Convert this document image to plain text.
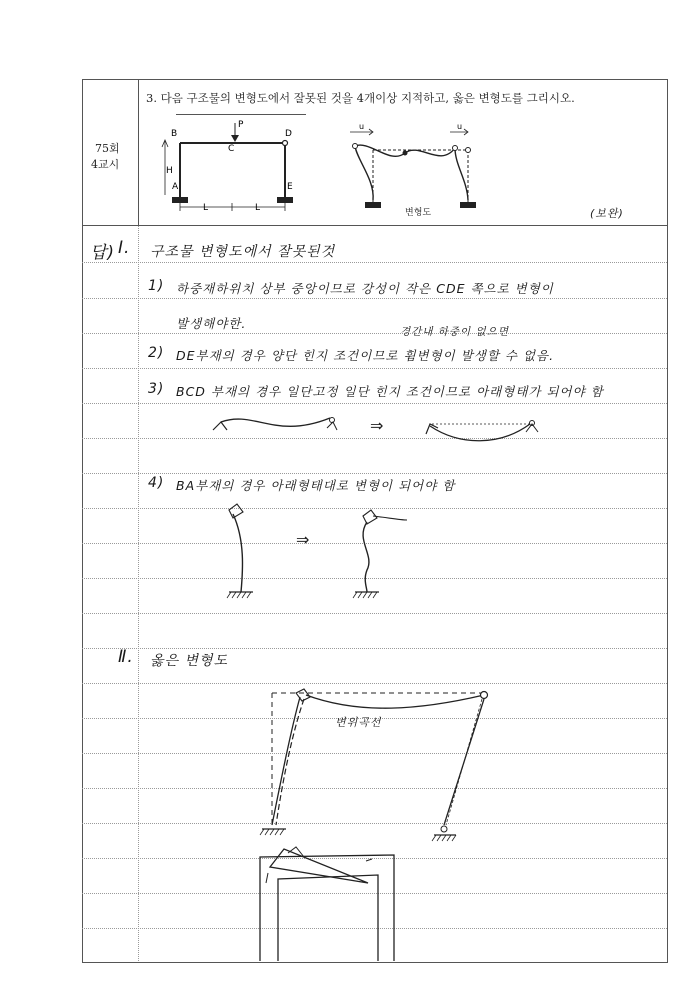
75회
4교시
3. 다음 구조물의 변형도에서 잘못된 것을 4개이상 지적하고, 옳은 변형도를 그리시오.
B
C
D
A	E
P
H
L	L
u	u
변형도	(보완)
답) Ⅰ. 구조물 변형도에서 잘못된것
1) 하중재하위치 상부 중앙이므로 강성이 작은 CDE 쪽으로 변형이
발생해야한.
경간내 하중이 없으면
2) DE부재의 경우 양단 힌지 조건이므로 휨변형이 발생할 수 없음.
3) BCD 부재의 경우 일단고정 일단 힌지 조건이므로 아래형태가 되어야 함
⇒
4) BA부재의 경우 아래형태대로 변형이 되어야 함
⇒
Ⅱ. 옳은 변형도
변위곡선
